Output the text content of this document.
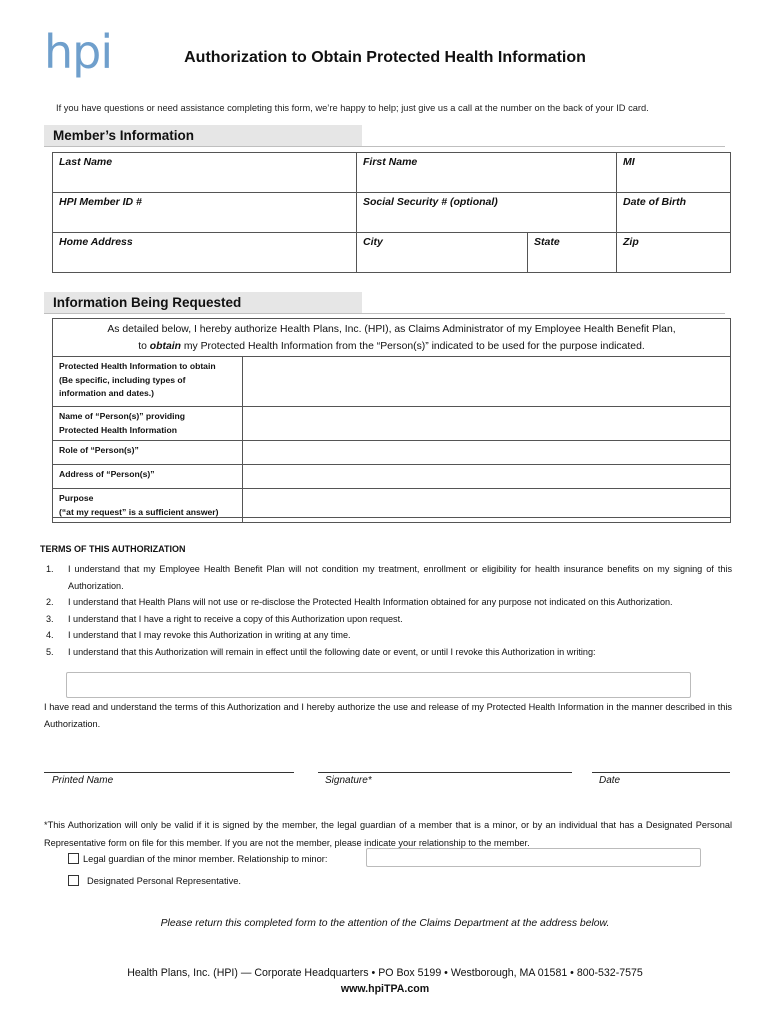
hpi	Authorization to Obtain Protected Health Information
If you have questions or need assistance completing this form, we’re happy to help; just give us a call at the number on the back of your ID card.
Member’s Information
Last Name	First Name		MI
HPI Member ID #	Social Security # (optional)		Date of Birth
Home Address	City	State	Zip
Information Being Requested
As detailed below, I hereby authorize Health Plans, Inc. (HPI), as Claims Administrator of my Employee Health Benefit Plan,
to obtain my Protected Health Information from the “Person(s)” indicated to be used for the purpose indicated.
Protected Health Information to obtain
(Be specific, including types of
information and dates.)	

Name of “Person(s)” providing
Protected Health Information	

Role of “Person(s)”	

Address of “Person(s)”	

Purpose
(“at my request” is a sufficient answer)	

TERMS OF THIS AUTHORIZATION
1. I understand that my Employee Health Benefit Plan will not condition my treatment, enrollment or eligibility for health insurance benefits on my signing of this Authorization.
2. I understand that Health Plans will not use or re-disclose the Protected Health Information obtained for any purpose not indicated on this Authorization.
3. I understand that I have a right to receive a copy of this Authorization upon request.
4. I understand that I may revoke this Authorization in writing at any time.
5. I understand that this Authorization will remain in effect until the following date or event, or until I revoke this Authorization in writing:
I have read and understand the terms of this Authorization and I hereby authorize the use and release of my Protected Health Information in the manner described in this Authorization.
Printed Name	Signature*	Date
*This Authorization will only be valid if it is signed by the member, the legal guardian of a member that is a minor, or by an individual that has a Designated Personal Representative form on file for this member. If you are not the member, please indicate your relationship to the member.
Legal guardian of the minor member. Relationship to minor:
Designated Personal Representative.
Please return this completed form to the attention of the Claims Department at the address below.
Health Plans, Inc. (HPI) — Corporate Headquarters • PO Box 5199 • Westborough, MA 01581 • 800-532-7575
www.hpiTPA.com
